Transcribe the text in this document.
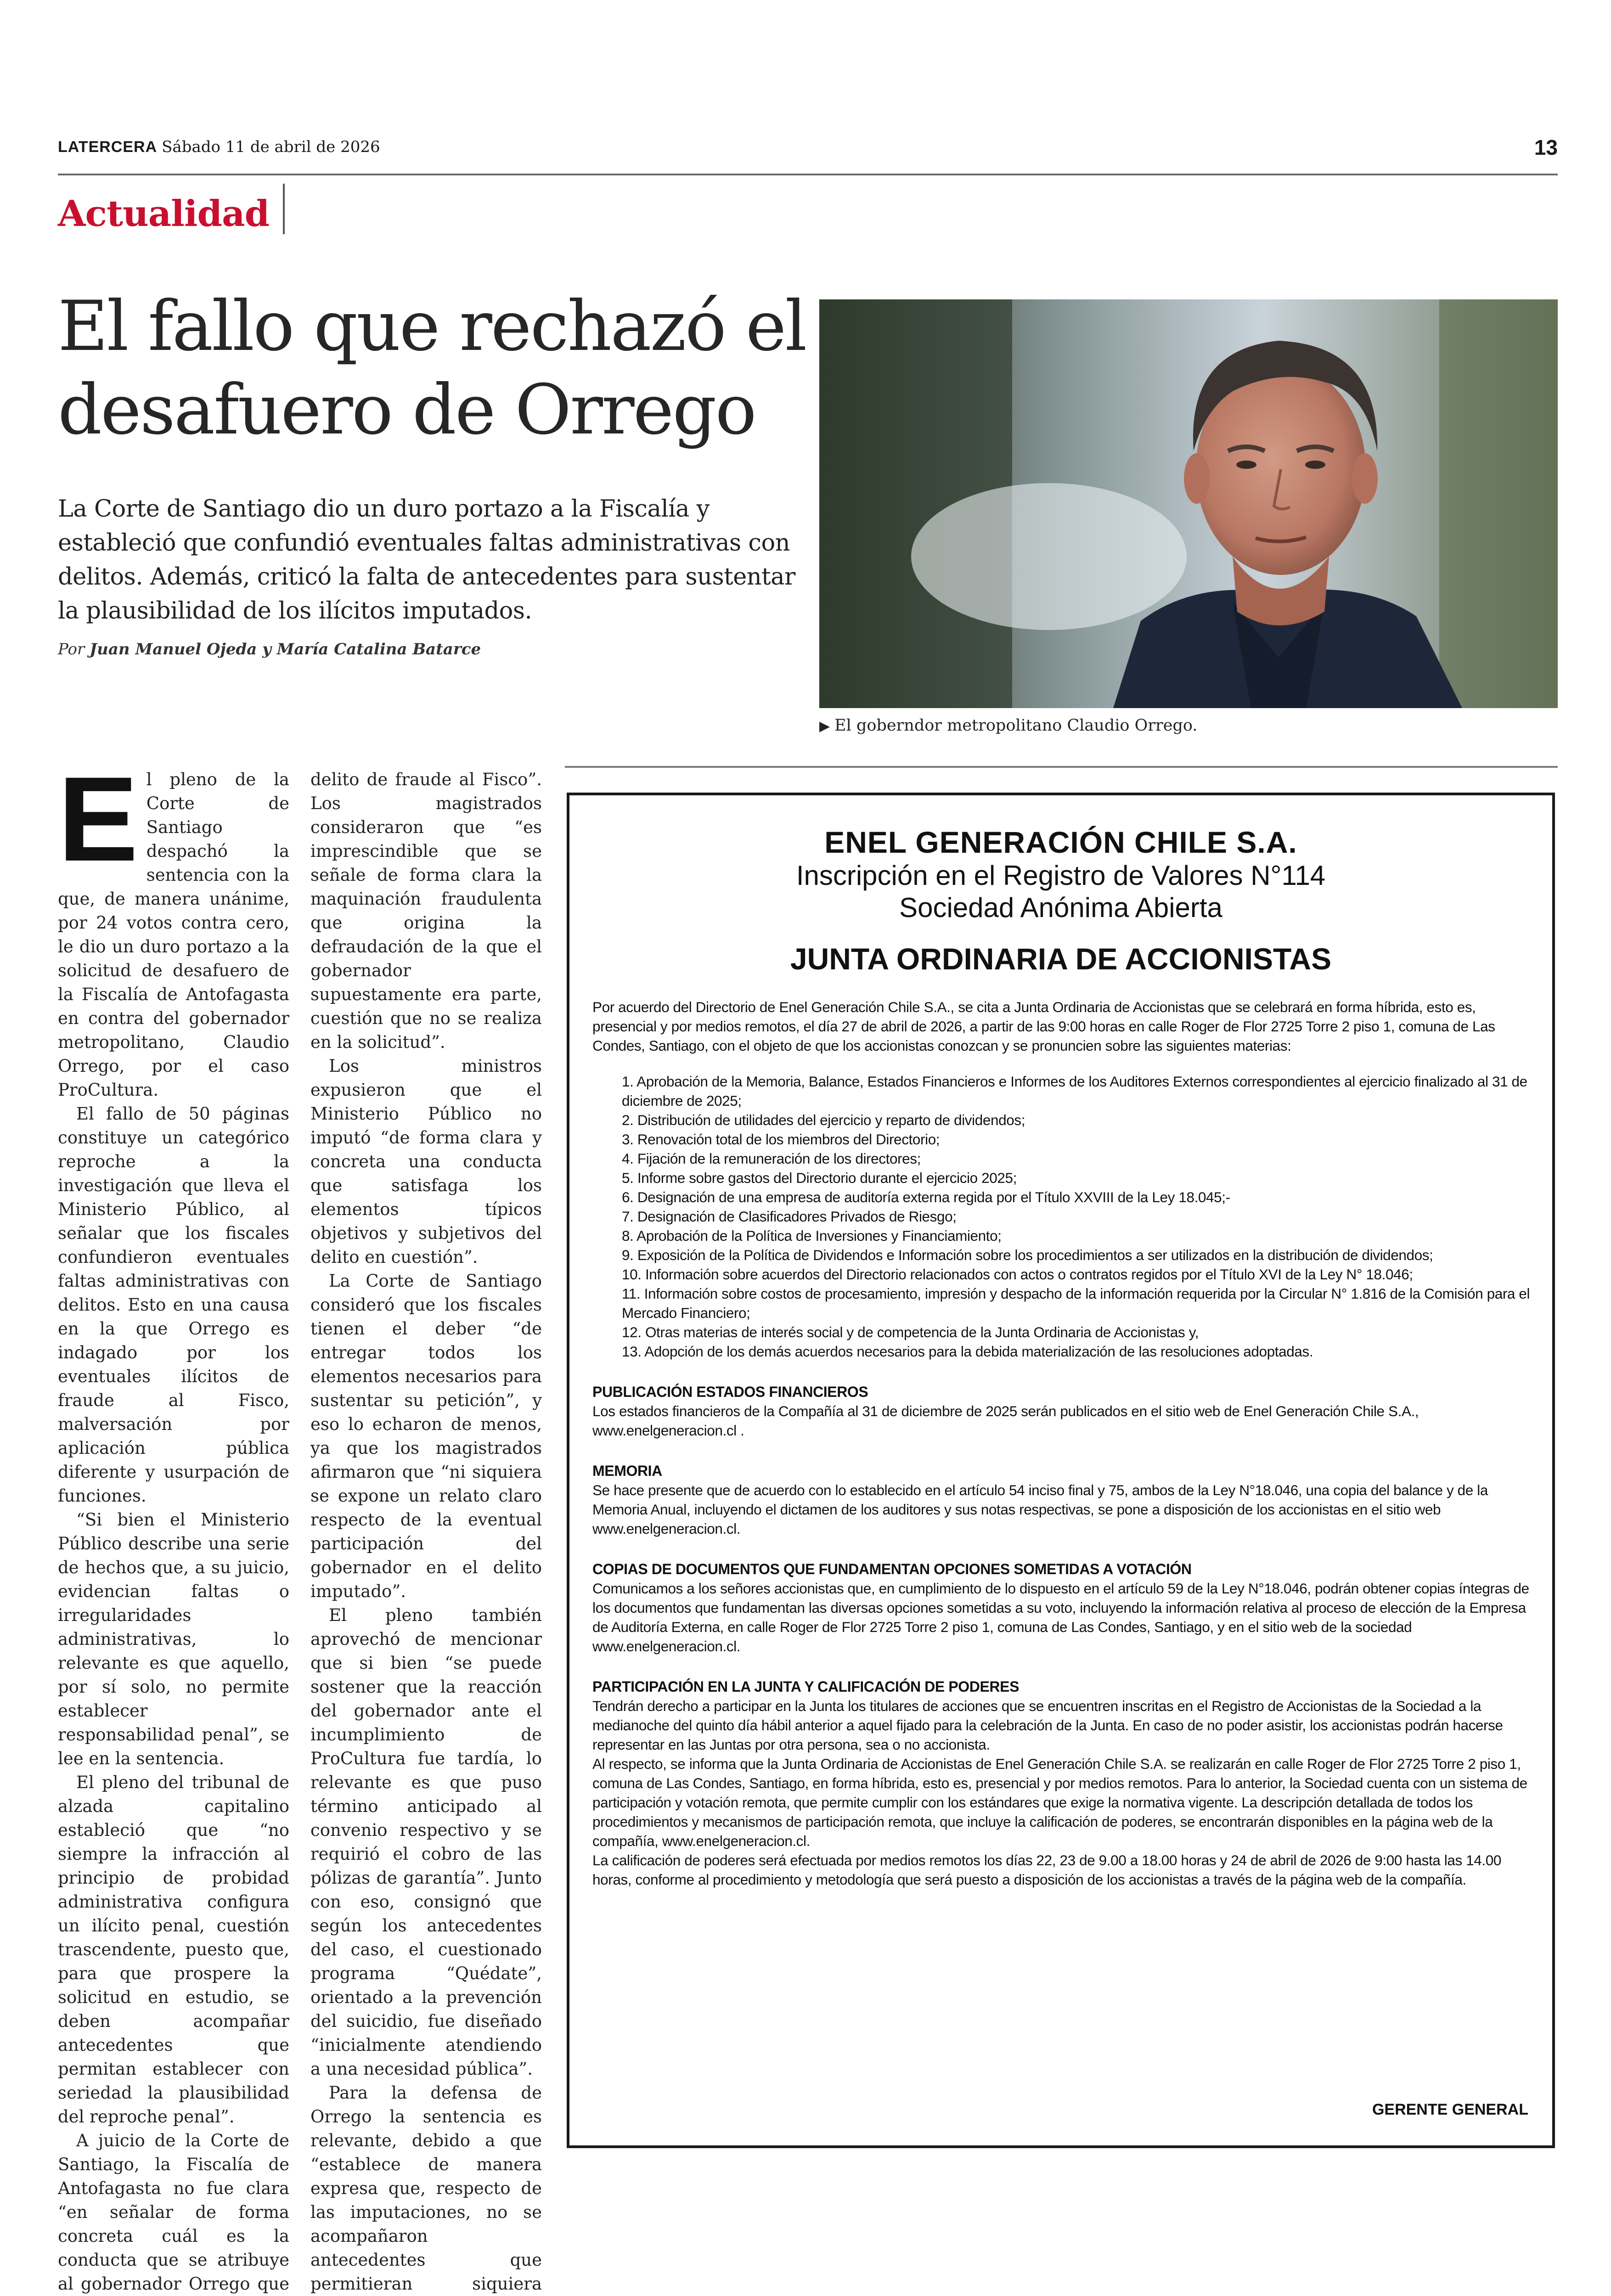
LATERCERA Sábado 11 de abril de 2026	13
Actualidad
El fallo que rechazó el
desafuero de Orrego
La Corte de Santiago dio un duro portazo a la Fiscalía y estableció que confundió eventuales faltas administrativas con delitos. Además, criticó la falta de antecedentes para sustentar la plausibilidad de los ilícitos imputados.
Por Juan Manuel Ojeda y María Catalina Batarce
▶ El goberndor metropolitano Claudio Orrego.

El pleno de la Corte de Santiago despachó la sentencia con la que, de manera unánime, por 24 votos contra cero, le dio un duro portazo a la solicitud de desafuero de la Fiscalía de Antofagasta en contra del gobernador metropolitano, Claudio Orrego, por el caso ProCultura.

El fallo de 50 páginas constituye un categórico reproche a la investigación que lleva el Ministerio Público, al señalar que los fiscales confundieron eventuales faltas administrativas con delitos. Esto en una causa en la que Orrego es indagado por los eventuales ilícitos de fraude al Fisco, malversación por aplicación pública diferente y usurpación de funciones.

“Si bien el Ministerio Público describe una serie de hechos que, a su juicio, evidencian faltas o irregularidades administrativas, lo relevante es que aquello, por sí solo, no permite establecer responsabilidad penal”, se lee en la sentencia.

El pleno del tribunal de alzada capitalino estableció que “no siempre la infracción al principio de probidad administrativa configura un ilícito penal, cuestión trascendente, puesto que, para que prospere la solicitud en estudio, se deben acompañar antecedentes que permitan establecer con seriedad la plausibilidad del reproche penal”.

A juicio de la Corte de Santiago, la Fiscalía de Antofagasta no fue clara “en señalar de forma concreta cuál es la conducta que se atribuye al gobernador Orrego que

delito de fraude al Fisco”. Los magistrados consideraron que “es imprescindible que se señale de forma clara la maquinación fraudulenta que origina la defraudación de la que el gobernador supuestamente era parte, cuestión que no se realiza en la solicitud”.

Los ministros expusieron que el Ministerio Público no imputó “de forma clara y concreta una conducta que satisfaga los elementos típicos objetivos y subjetivos del delito en cuestión”.

La Corte de Santiago consideró que los fiscales tienen el deber “de entregar todos los elementos necesarios para sustentar su petición”, y eso lo echaron de menos, ya que los magistrados afirmaron que “ni siquiera se expone un relato claro respecto de la eventual participación del gobernador en el delito imputado”.

El pleno también aprovechó de mencionar que si bien “se puede sostener que la reacción del gobernador ante el incumplimiento de ProCultura fue tardía, lo relevante es que puso término anticipado al convenio respectivo y se requirió el cobro de las pólizas de garantía”. Junto con eso, consignó que según los antecedentes del caso, el cuestionado programa “Quédate”, orientado a la prevención del suicidio, fue diseñado “inicialmente atendiendo a una necesidad pública”.

Para la defensa de Orrego la sentencia es relevante, debido a que “establece de manera expresa que, respecto de las imputaciones, no se acompañaron antecedentes que permitieran siquiera

ENEL GENERACIÓN CHILE S.A.
Inscripción en el Registro de Valores N°114
Sociedad Anónima Abierta
JUNTA ORDINARIA DE ACCIONISTAS

Por acuerdo del Directorio de Enel Generación Chile S.A., se cita a Junta Ordinaria de Accionistas que se celebrará en forma híbrida, esto es, presencial y por medios remotos, el día 27 de abril de 2026, a partir de las 9:00 horas en calle Roger de Flor 2725 Torre 2 piso 1, comuna de Las Condes, Santiago, con el objeto de que los accionistas conozcan y se pronuncien sobre las siguientes materias:

1. Aprobación de la Memoria, Balance, Estados Financieros e Informes de los Auditores Externos correspondientes al ejercicio finalizado al 31 de diciembre de 2025;
2. Distribución de utilidades del ejercicio y reparto de dividendos;
3. Renovación total de los miembros del Directorio;
4. Fijación de la remuneración de los directores;
5. Informe sobre gastos del Directorio durante el ejercicio 2025;
6. Designación de una empresa de auditoría externa regida por el Título XXVIII de la Ley 18.045;-
7. Designación de Clasificadores Privados de Riesgo;
8. Aprobación de la Política de Inversiones y Financiamiento;
9. Exposición de la Política de Dividendos e Información sobre los procedimientos a ser utilizados en la distribución de dividendos;
10. Información sobre acuerdos del Directorio relacionados con actos o contratos regidos por el Título XVI de la Ley N° 18.046;
11. Información sobre costos de procesamiento, impresión y despacho de la información requerida por la Circular N° 1.816 de la Comisión para el Mercado Financiero;
12. Otras materias de interés social y de competencia de la Junta Ordinaria de Accionistas y,
13. Adopción de los demás acuerdos necesarios para la debida materialización de las resoluciones adoptadas.

PUBLICACIÓN ESTADOS FINANCIEROS

Los estados financieros de la Compañía al 31 de diciembre de 2025 serán publicados en el sitio web de Enel Generación Chile S.A., www.enelgeneracion.cl .

MEMORIA

Se hace presente que de acuerdo con lo establecido en el artículo 54 inciso final y 75, ambos de la Ley N°18.046, una copia del balance y de la Memoria Anual, incluyendo el dictamen de los auditores y sus notas respectivas, se pone a disposición de los accionistas en el sitio web www.enelgeneracion.cl.

COPIAS DE DOCUMENTOS QUE FUNDAMENTAN OPCIONES SOMETIDAS A VOTACIÓN

Comunicamos a los señores accionistas que, en cumplimiento de lo dispuesto en el artículo 59 de la Ley N°18.046, podrán obtener copias íntegras de los documentos que fundamentan las diversas opciones sometidas a su voto, incluyendo la información relativa al proceso de elección de la Empresa de Auditoría Externa, en calle Roger de Flor 2725 Torre 2 piso 1, comuna de Las Condes, Santiago, y en el sitio web de la sociedad www.enelgeneracion.cl.

PARTICIPACIÓN EN LA JUNTA Y CALIFICACIÓN DE PODERES

Tendrán derecho a participar en la Junta los titulares de acciones que se encuentren inscritas en el Registro de Accionistas de la Sociedad a la medianoche del quinto día hábil anterior a aquel fijado para la celebración de la Junta. En caso de no poder asistir, los accionistas podrán hacerse representar en las Juntas por otra persona, sea o no accionista.

Al respecto, se informa que la Junta Ordinaria de Accionistas de Enel Generación Chile S.A. se realizarán en calle Roger de Flor 2725 Torre 2 piso 1, comuna de Las Condes, Santiago, en forma híbrida, esto es, presencial y por medios remotos. Para lo anterior, la Sociedad cuenta con un sistema de participación y votación remota, que permite cumplir con los estándares que exige la normativa vigente. La descripción detallada de todos los procedimientos y mecanismos de participación remota, que incluye la calificación de poderes, se encontrarán disponibles en la página web de la compañía, www.enelgeneracion.cl.

La calificación de poderes será efectuada por medios remotos los días 22, 23 de 9.00 a 18.00 horas y 24 de abril de 2026 de 9:00 hasta las 14.00 horas, conforme al procedimiento y metodología que será puesto a disposición de los accionistas a través de la página web de la compañía.

GERENTE GENERAL
